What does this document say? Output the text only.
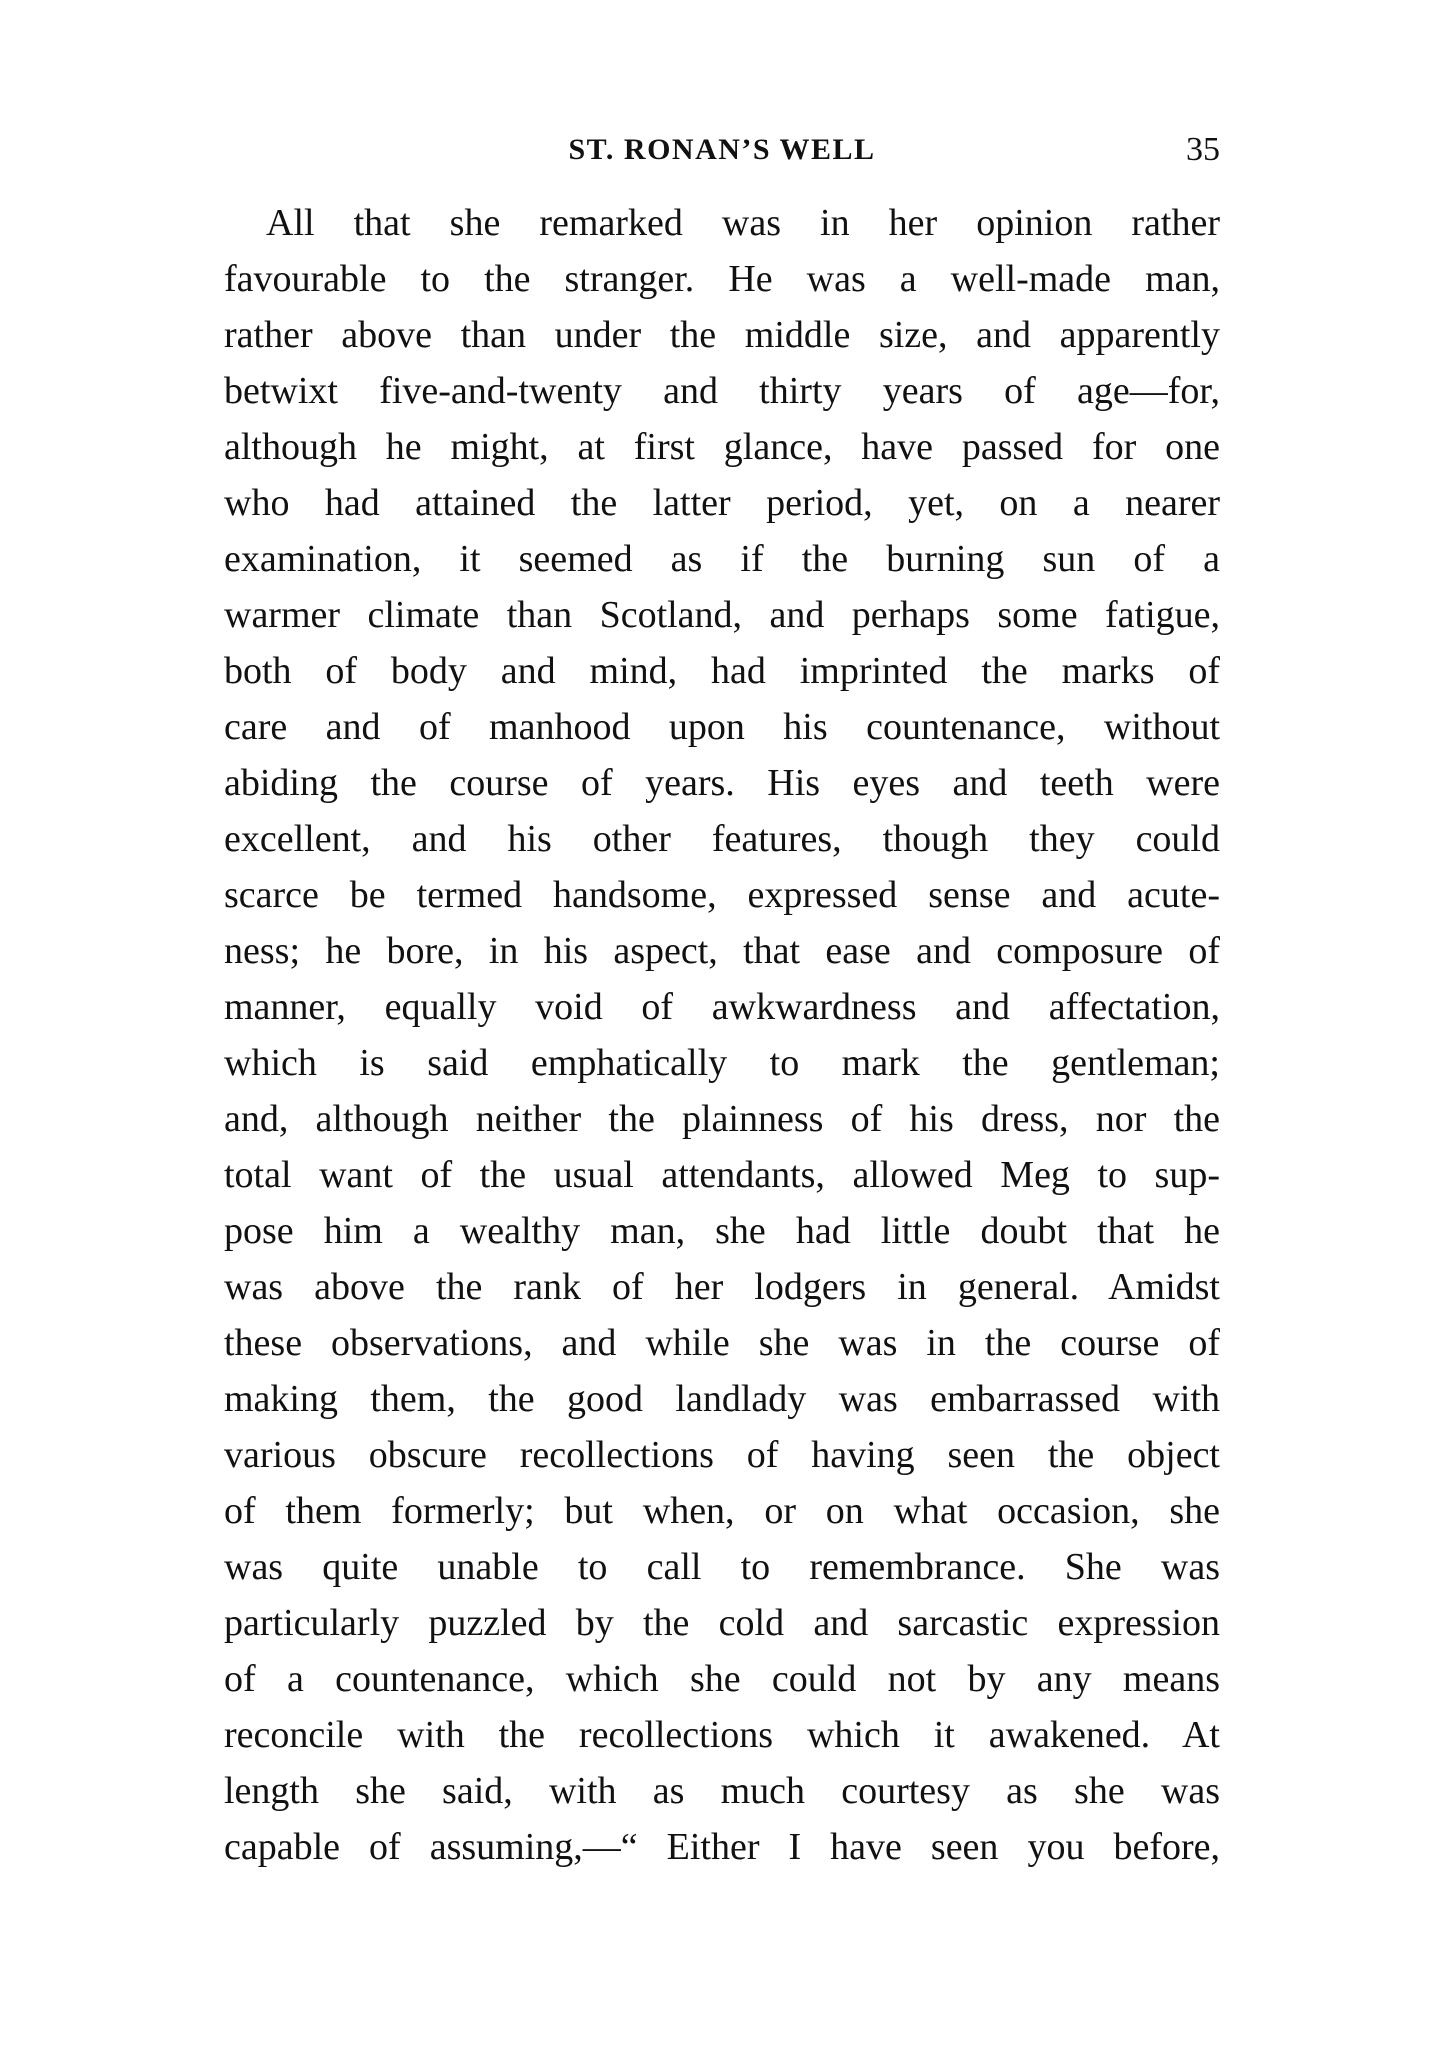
ST. RONAN’S WELL	35
All that she remarked was in her opinion rather
favourable to the stranger. He was a well-made man,
rather above than under the middle size, and apparently
betwixt five-and-twenty and thirty years of age—for,
although he might, at first glance, have passed for one
who had attained the latter period, yet, on a nearer
examination, it seemed as if the burning sun of a
warmer climate than Scotland, and perhaps some fatigue,
both of body and mind, had imprinted the marks of
care and of manhood upon his countenance, without
abiding the course of years. His eyes and teeth were
excellent, and his other features, though they could
scarce be termed handsome, expressed sense and acute-
ness; he bore, in his aspect, that ease and composure of
manner, equally void of awkwardness and affectation,
which is said emphatically to mark the gentleman;
and, although neither the plainness of his dress, nor the
total want of the usual attendants, allowed Meg to sup-
pose him a wealthy man, she had little doubt that he
was above the rank of her lodgers in general. Amidst
these observations, and while she was in the course of
making them, the good landlady was embarrassed with
various obscure recollections of having seen the object
of them formerly; but when, or on what occasion, she
was quite unable to call to remembrance. She was
particularly puzzled by the cold and sarcastic expression
of a countenance, which she could not by any means
reconcile with the recollections which it awakened. At
length she said, with as much courtesy as she was
capable of assuming,—“ Either I have seen you before,
